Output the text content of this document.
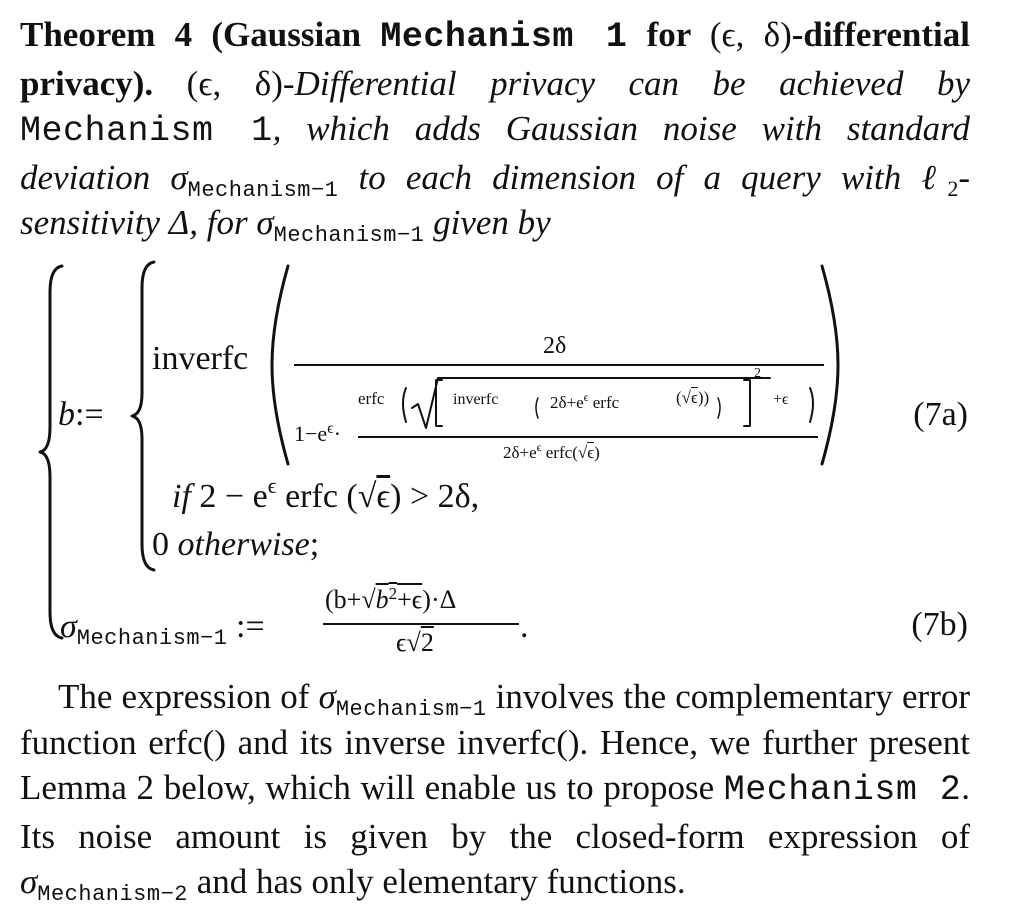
Theorem 4 (Gaussian Mechanism 1 for (ϵ, δ)-differential privacy). (ϵ, δ)-Differential privacy can be achieved by Mechanism 1, which adds Gaussian noise with standard deviation $\sigma_{Mechanism-1}$ to each dimension of a query with ℓ$_2$-sensitivity Δ, for $\sigma_{Mechanism-1}$ given by
b:=
inverfc	2δ
$1-e^\epsilon\cdot$
erfc	inverfc	$2\delta+e^\epsilon$ erfc	(√ϵ))
2
+ϵ
$2\delta+e^\epsilon$ erfc(√ϵ)
if $2 - e^\epsilon$ erfc (√ϵ) > 2δ,
0 otherwise;
(7a)
$\sigma_{Mechanism-1}$ :=
$(b+√b^2+\epsilon)\cdot\Delta$
ϵ√2	.	(7b)
The expression of $\sigma_{Mechanism-1}$ involves the complementary error function erfc() and its inverse inverfc(). Hence, we further present Lemma 2 below, which will enable us to propose Mechanism 2. Its noise amount is given by the closed-form expression of $\sigma_{Mechanism-2}$ and has only elementary functions.
